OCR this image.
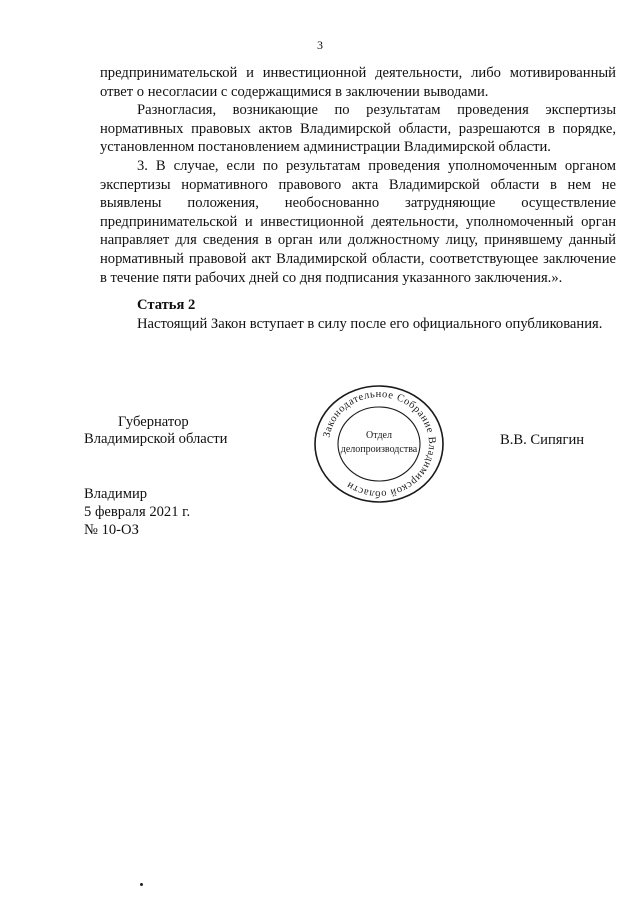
3

предпринимательской и инвестиционной деятельности, либо мотивированный ответ о несогласии с содержащимися в заключении выводами.

Разногласия, возникающие по результатам проведения экспертизы нормативных правовых актов Владимирской области, разрешаются в порядке, установленном постановлением администрации Владимирской области.

3. В случае, если по результатам проведения уполномоченным органом экспертизы нормативного правового акта Владимирской области в нем не выявлены положения, необоснованно затрудняющие осуществление предпринимательской и инвестиционной деятельности, уполномоченный орган направляет для сведения в орган или должностному лицу, принявшему данный нормативный правовой акт Владимирской области, соответствующее заключение в течение пяти рабочих дней со дня подписания указанного заключения.».

Статья 2

Настоящий Закон вступает в силу после его официального опубликования.

Губернатор
Владимирской области	В.В. Сипягин
Законодательное Собрание Владимирской области
Отдел
делопроизводства
Владимир
5 февраля 2021 г.
№ 10-ОЗ
